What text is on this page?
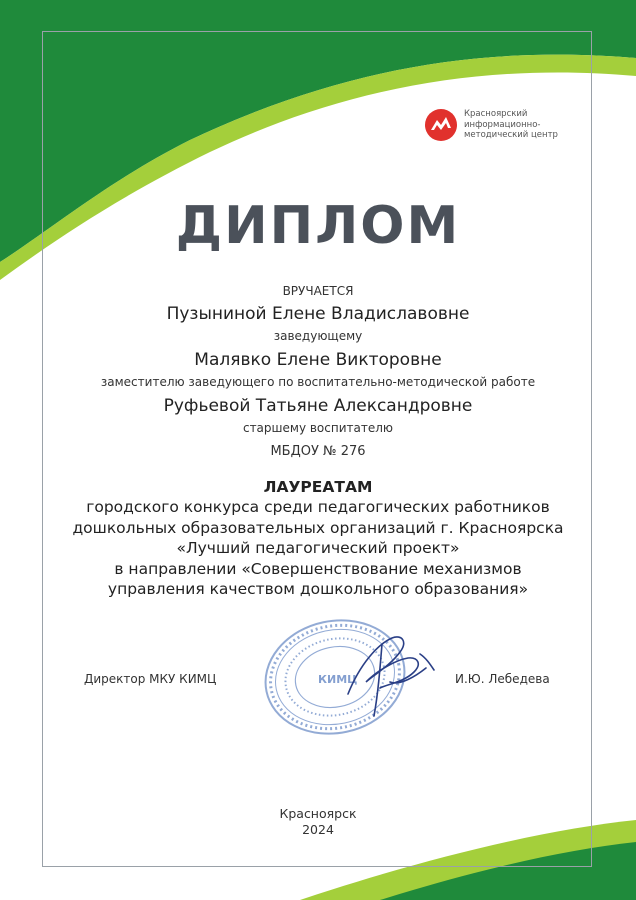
Красноярский
информационно-
методический центр
ДИПЛОМ
ВРУЧАЕТСЯ
Пузыниной Елене Владиславовне
заведующему
Малявко Елене Викторовне
заместителю заведующего по воспитательно-методической работе
Руфьевой Татьяне Александровне
старшему воспитателю
МБДОУ № 276
ЛАУРЕАТАМ
городского конкурса среди педагогических работников
дошкольных образовательных организаций г. Красноярска
«Лучший педагогический проект»
в направлении «Совершенствование механизмов
управления качеством дошкольного образования»
КИМЦ
Директор МКУ КИМЦ	И.Ю. Лебедева
Красноярск
2024
